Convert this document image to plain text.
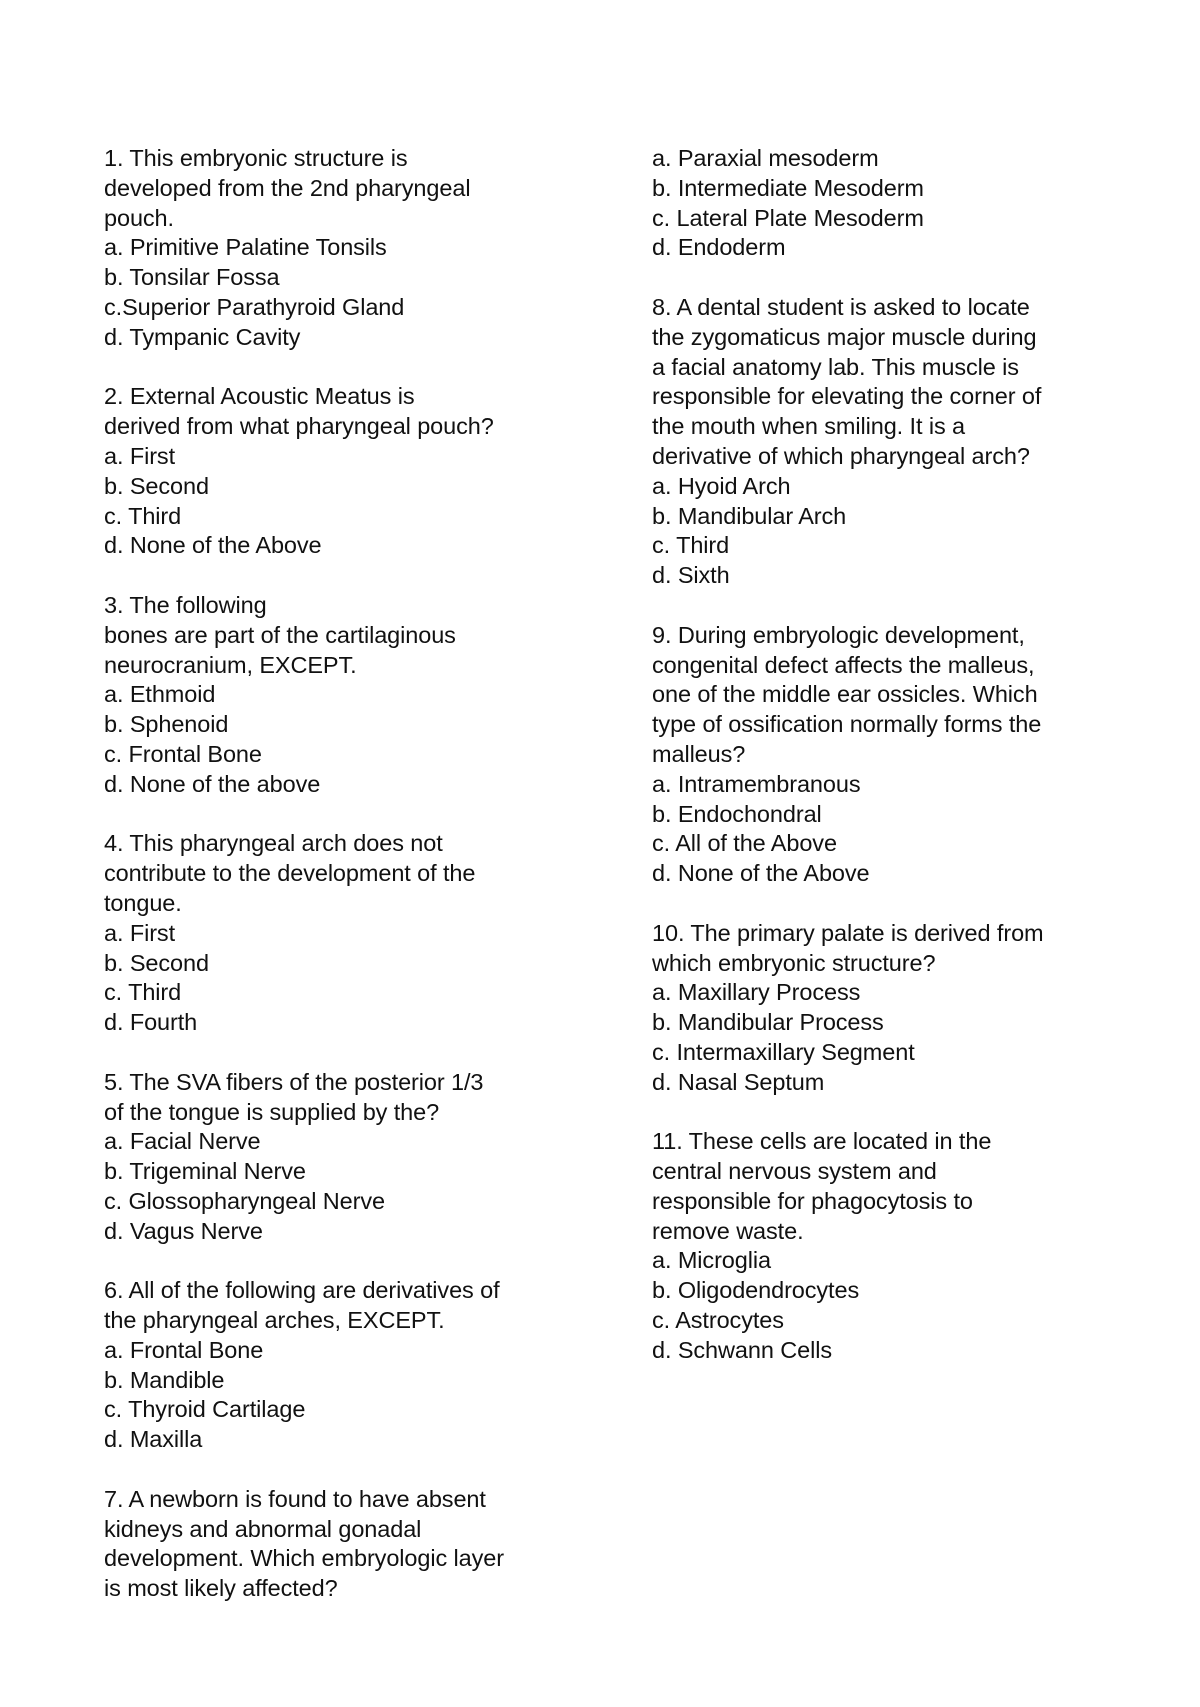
1. This embryonic structure is
developed from the 2nd pharyngeal
pouch.
a. Primitive Palatine Tonsils
b. Tonsilar Fossa
c.Superior Parathyroid Gland
d. Tympanic Cavity
2. External Acoustic Meatus is
derived from what pharyngeal pouch?
a. First
b. Second
c. Third
d. None of the Above
3. The following
bones are part of the cartilaginous
neurocranium, EXCEPT.
a. Ethmoid
b. Sphenoid
c. Frontal Bone
d. None of the above
4. This pharyngeal arch does not
contribute to the development of the
tongue.
a. First
b. Second
c. Third
d. Fourth
5. The SVA fibers of the posterior 1/3
of the tongue is supplied by the?
a. Facial Nerve
b. Trigeminal Nerve
c. Glossopharyngeal Nerve
d. Vagus Nerve
6. All of the following are derivatives of
the pharyngeal arches, EXCEPT.
a. Frontal Bone
b. Mandible
c. Thyroid Cartilage
d. Maxilla
7. A newborn is found to have absent
kidneys and abnormal gonadal
development. Which embryologic layer
is most likely affected?
a. Paraxial mesoderm
b. Intermediate Mesoderm
c. Lateral Plate Mesoderm
d. Endoderm
8. A dental student is asked to locate
the zygomaticus major muscle during
a facial anatomy lab. This muscle is
responsible for elevating the corner of
the mouth when smiling. It is a
derivative of which pharyngeal arch?
a. Hyoid Arch
b. Mandibular Arch
c. Third
d. Sixth
9. During embryologic development,
congenital defect affects the malleus,
one of the middle ear ossicles. Which
type of ossification normally forms the
malleus?
a. Intramembranous
b. Endochondral
c. All of the Above
d. None of the Above
10. The primary palate is derived from
which embryonic structure?
a. Maxillary Process
b. Mandibular Process
c. Intermaxillary Segment
d. Nasal Septum
11. These cells are located in the
central nervous system and
responsible for phagocytosis to
remove waste.
a. Microglia
b. Oligodendrocytes
c. Astrocytes
d. Schwann Cells
